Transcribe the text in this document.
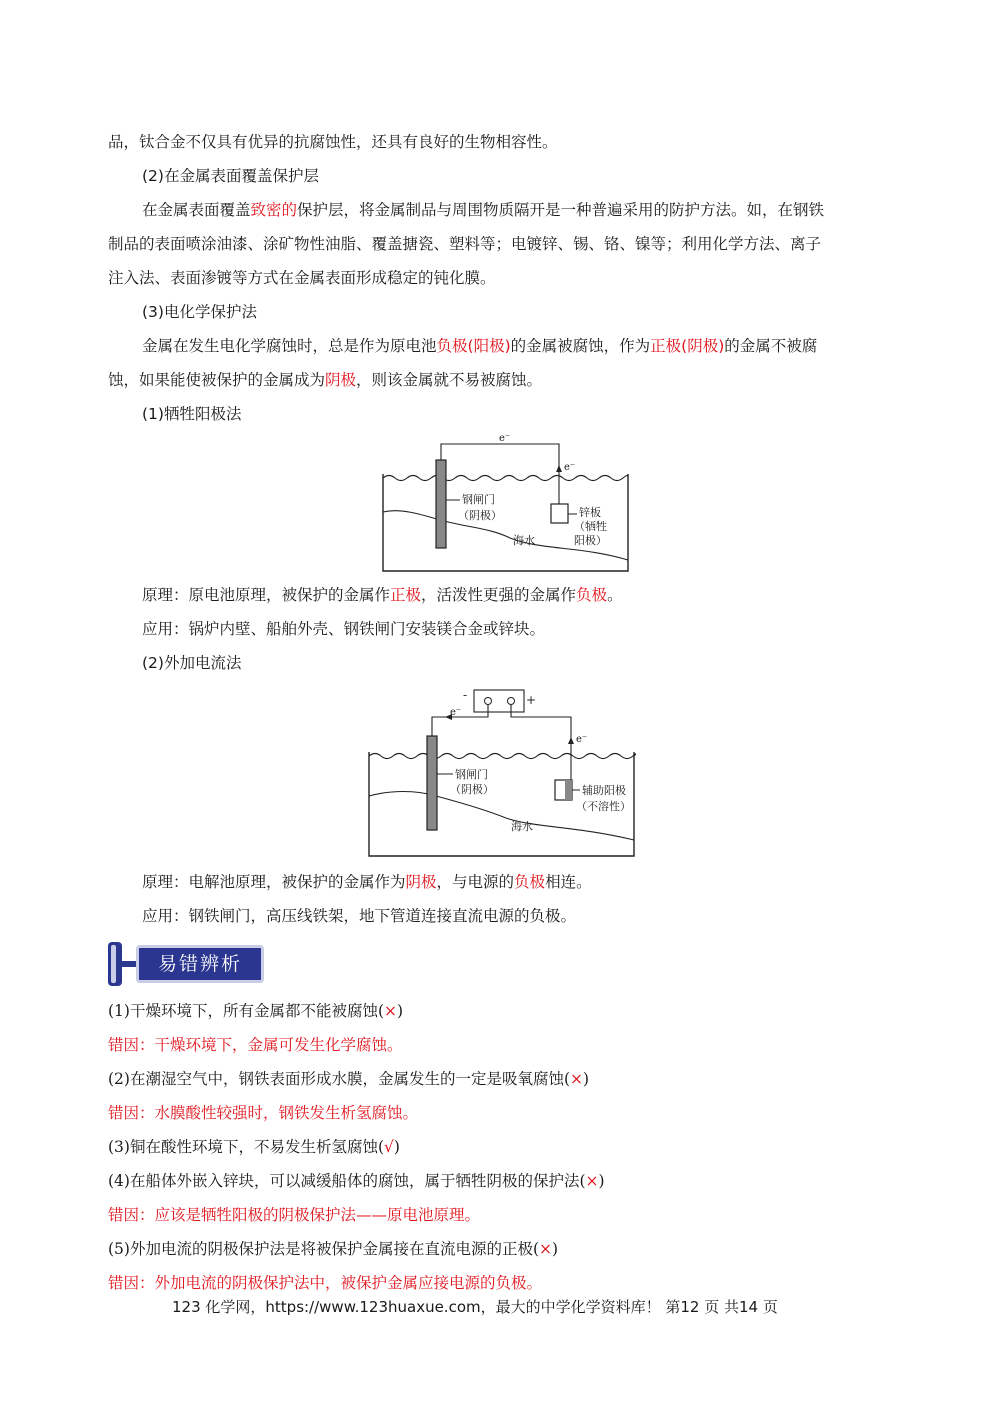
品，钛合金不仅具有优异的抗腐蚀性，还具有良好的生物相容性。
(2)在金属表面覆盖保护层
在金属表面覆盖致密的保护层，将金属制品与周围物质隔开是一种普遍采用的防护方法。如，在钢铁
制品的表面喷涂油漆、涂矿物性油脂、覆盖搪瓷、塑料等；电镀锌、锡、铬、镍等；利用化学方法、离子
注入法、表面渗镀等方式在金属表面形成稳定的钝化膜。
(3)电化学保护法
金属在发生电化学腐蚀时，总是作为原电池负极(阳极)的金属被腐蚀，作为正极(阴极)的金属不被腐
蚀，如果能使被保护的金属成为阴极，则该金属就不易被腐蚀。
(1)牺牲阳极法
e⁻
e⁻
钢闸门
（阴极）	锌板
（牺牲
阳极）
海水
原理：原电池原理，被保护的金属作正极，活泼性更强的金属作负极。
应用：锅炉内壁、船舶外壳、钢铁闸门安装镁合金或锌块。
(2)外加电流法
e⁻
-	+
e⁻
钢闸门
（阴极）	辅助阳极
（不溶性）
海水
原理：电解池原理，被保护的金属作为阴极，与电源的负极相连。
应用：钢铁闸门，高压线铁架，地下管道连接直流电源的负极。
易错辨析
(1)干燥环境下，所有金属都不能被腐蚀(×)
错因：干燥环境下，金属可发生化学腐蚀。
(2)在潮湿空气中，钢铁表面形成水膜，金属发生的一定是吸氧腐蚀(×)
错因：水膜酸性较强时，钢铁发生析氢腐蚀。
(3)铜在酸性环境下，不易发生析氢腐蚀(√)
(4)在船体外嵌入锌块，可以减缓船体的腐蚀，属于牺牲阴极的保护法(×)
错因：应该是牺牲阳极的阴极保护法——原电池原理。
(5)外加电流的阴极保护法是将被保护金属接在直流电源的正极(×)
错因：外加电流的阴极保护法中，被保护金属应接电源的负极。
123 化学网，https://www.123huaxue.com，最大的中学化学资料库！ 第12 页 共14 页
